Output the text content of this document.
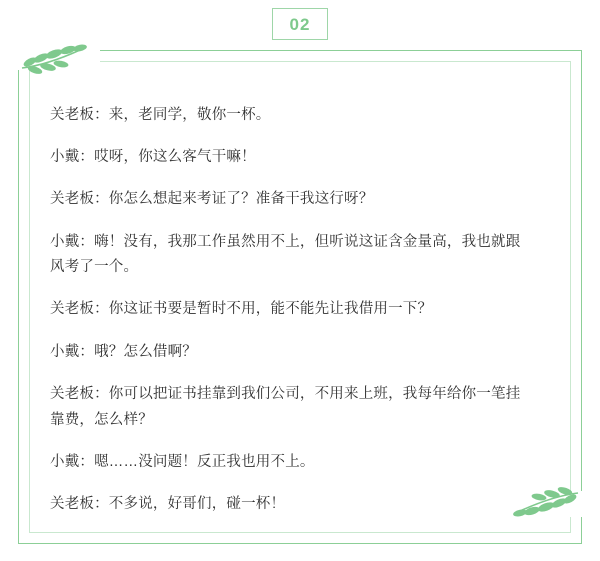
02

关老板：来，老同学，敬你一杯。

小戴：哎呀，你这么客气干嘛！

关老板：你怎么想起来考证了？准备干我这行呀？

小戴：嗨！没有，我那工作虽然用不上，但听说这证含金量高，我也就跟风考了一个。

关老板：你这证书要是暂时不用，能不能先让我借用一下？

小戴：哦？怎么借啊？

关老板：你可以把证书挂靠到我们公司，不用来上班，我每年给你一笔挂靠费，怎么样？

小戴：嗯……没问题！反正我也用不上。

关老板：不多说，好哥们，碰一杯！
